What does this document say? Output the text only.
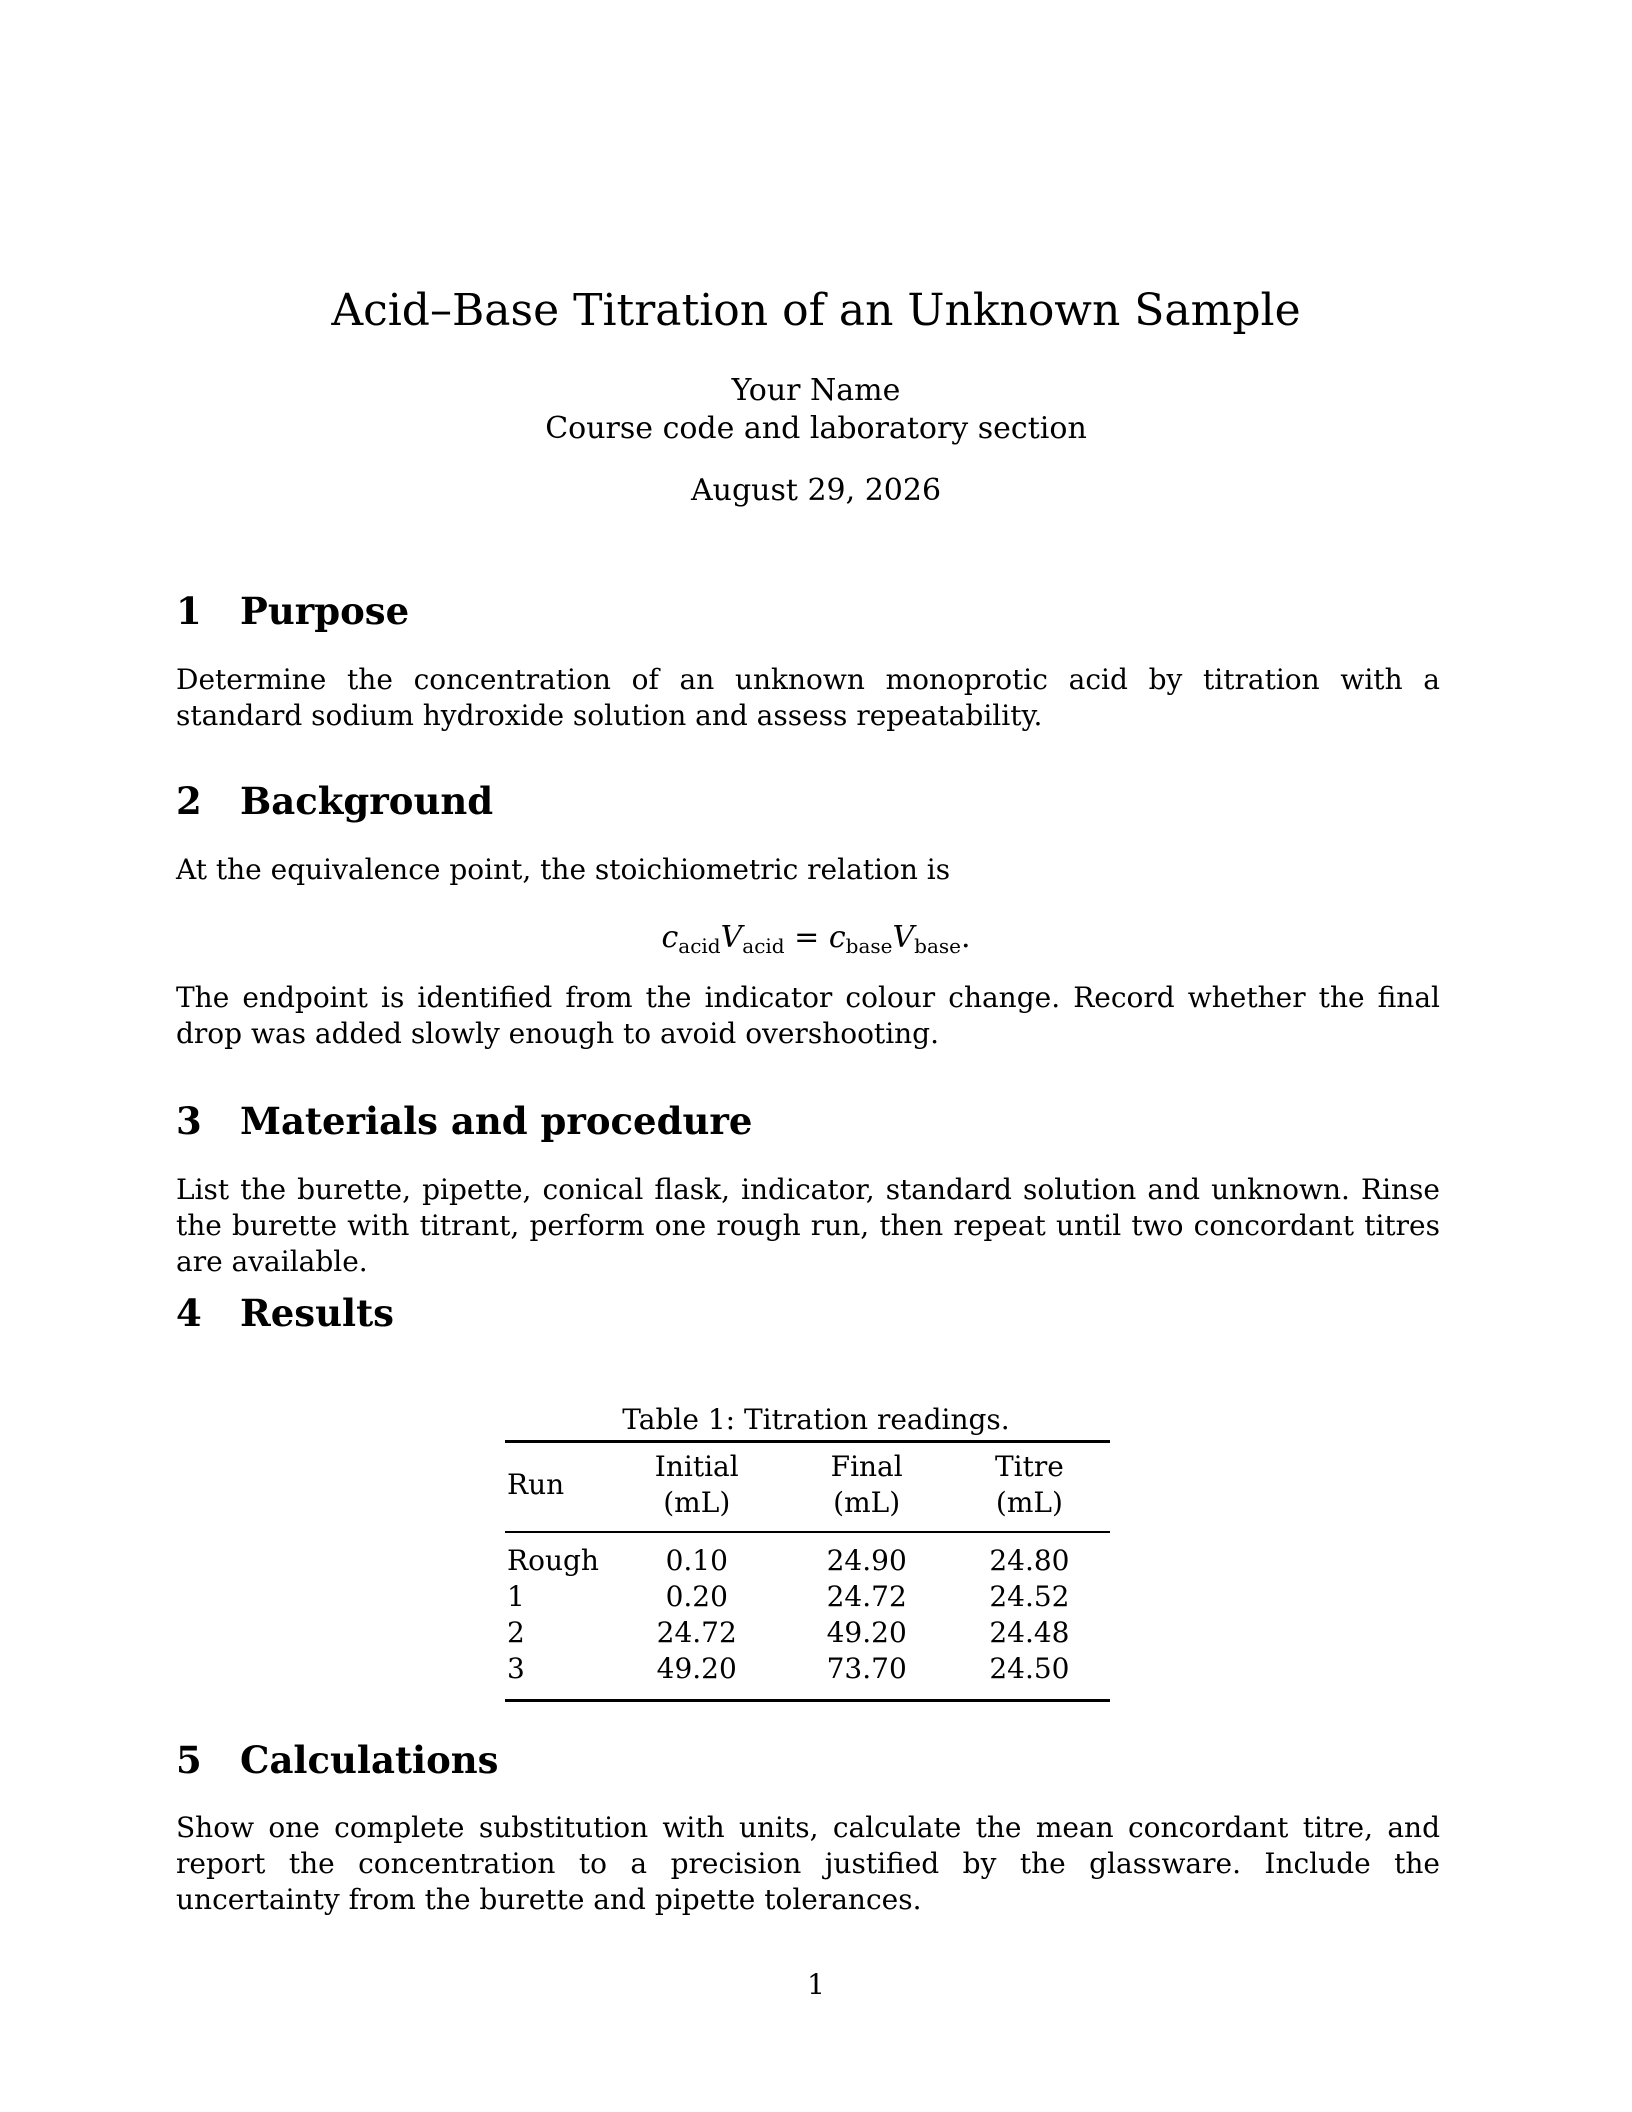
Acid–Base Titration of an Unknown Sample
Your Name
Course code and laboratory section
August 29, 2026
1 Purpose
Determine the concentration of an unknown monoprotic acid by titration with a standard sodium hydroxide solution and assess repeatability.
2 Background
At the equivalence point, the stoichiometric relation is
$c_{acid}V_{acid} = c_{base}V_{base}$.
The endpoint is identified from the indicator colour change. Record whether the final drop was added slowly enough to avoid overshooting.
3 Materials and procedure
List the burette, pipette, conical flask, indicator, standard solution and unknown. Rinse the burette with titrant, perform one rough run, then repeat until two concordant titres are available.
4 Results
Table 1: Titration readings.
Run	Initial (mL)	Final (mL)	Titre (mL)
Rough	0.10	24.90	24.80
1	0.20	24.72	24.52
2	24.72	49.20	24.48
3	49.20	73.70	24.50
5 Calculations
Show one complete substitution with units, calculate the mean concordant titre, and report the concentration to a precision justified by the glassware. Include the uncertainty from the burette and pipette tolerances.
1
